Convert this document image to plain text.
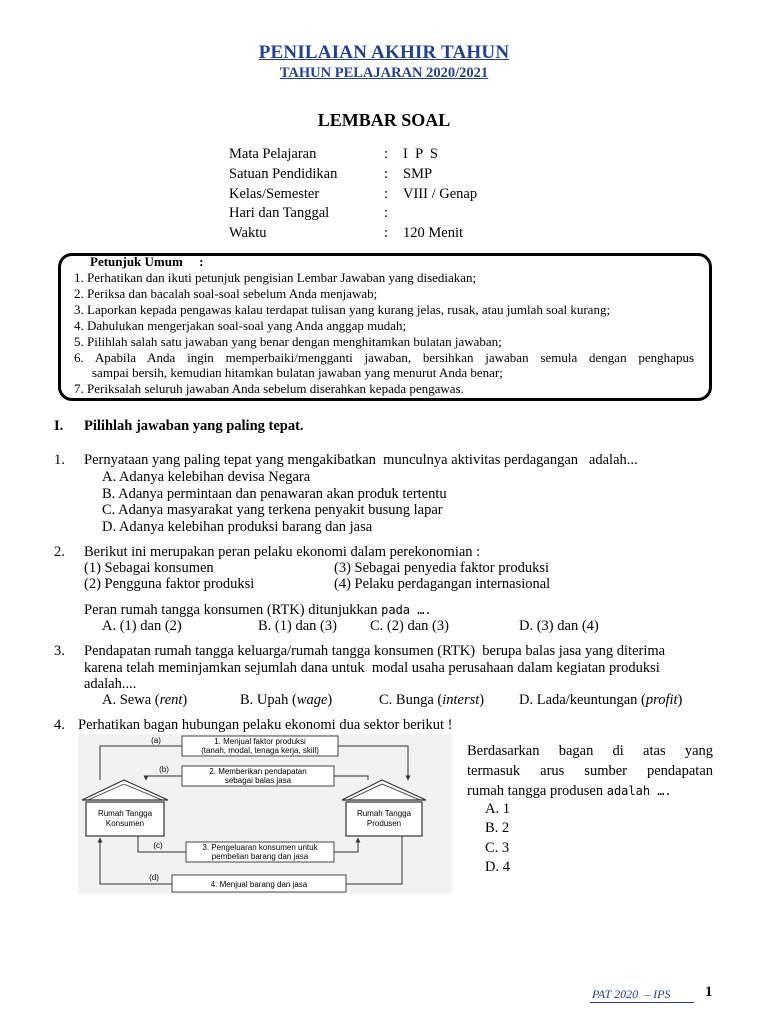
PENILAIAN AKHIR TAHUN
TAHUN PELAJARAN 2020/2021
LEMBAR SOAL
Mata Pelajaran	: I  P  S
Satuan Pendidikan	: SMP
Kelas/Semester	: VIII / Genap
Hari dan Tanggal	:
Waktu	: 120 Menit
Petunjuk Umum     :
1. Perhatikan dan ikuti petunjuk pengisian Lembar Jawaban yang disediakan;
2. Periksa dan bacalah soal-soal sebelum Anda menjawab;
3. Laporkan kepada pengawas kalau terdapat tulisan yang kurang jelas, rusak, atau jumlah soal kurang;
4. Dahulukan mengerjakan soal-soal yang Anda anggap mudah;
5. Pilihlah salah satu jawaban yang benar dengan menghitamkan bulatan jawaban;
6. Apabila Anda ingin memperbaiki/mengganti jawaban, bersihkan jawaban semula dengan penghapus
sampai bersih, kemudian hitamkan bulatan jawaban yang menurut Anda benar;
7. Periksalah seluruh jawaban Anda sebelum diserahkan kepada pengawas.
I. Pilihlah jawaban yang paling tepat.
1. Pernyataan yang paling tepat yang mengakibatkan  munculnya aktivitas perdagangan   adalah...
A. Adanya kelebihan devisa Negara
B. Adanya permintaan dan penawaran akan produk tertentu
C. Adanya masyarakat yang terkena penyakit busung lapar
D. Adanya kelebihan produksi barang dan jasa
2. Berikut ini merupakan peran pelaku ekonomi dalam perekonomian :
(1) Sebagai konsumen	(3) Sebagai penyedia faktor produksi
(2) Pengguna faktor produksi	(4) Pelaku perdagangan internasional
Peran rumah tangga konsumen (RTK) ditunjukkan pada ….
A. (1) dan (2)	B. (1) dan (3) C. (2) dan (3)	D. (3) dan (4)
3. Pendapatan rumah tangga keluarga/rumah tangga konsumen (RTK)  berupa balas jasa yang diterima
karena telah meminjamkan sejumlah dana untuk  modal usaha perusahaan dalam kegiatan produksi
adalah....
A. Sewa (rent)	B. Upah (wage)	C. Bunga (interst) D. Lada/keuntungan (profit)
4. Perhatikan bagan hubungan pelaku ekonomi dua sektor berikut !
Berdasarkan  bagan  di  atas  yang
termasuk  arus  sumber  pendapatan
rumah tangga produsen adalah ….
A. 1
B. 2
C. 3
D. 4
Rumah Tangga
Konsumen
Rumah Tangga
Produsen
1. Menjual faktor produksi
(tanah, modal, tenaga kerja, skill)
(a)
2. Memberikan pendapatan
sebagai balas jasa
(b)
3. Pengeluaran konsumen untuk
pembelian barang dan jasa
(c)
4. Menjual barang dan jasa
(d)
PAT 2020  – IPS 1
